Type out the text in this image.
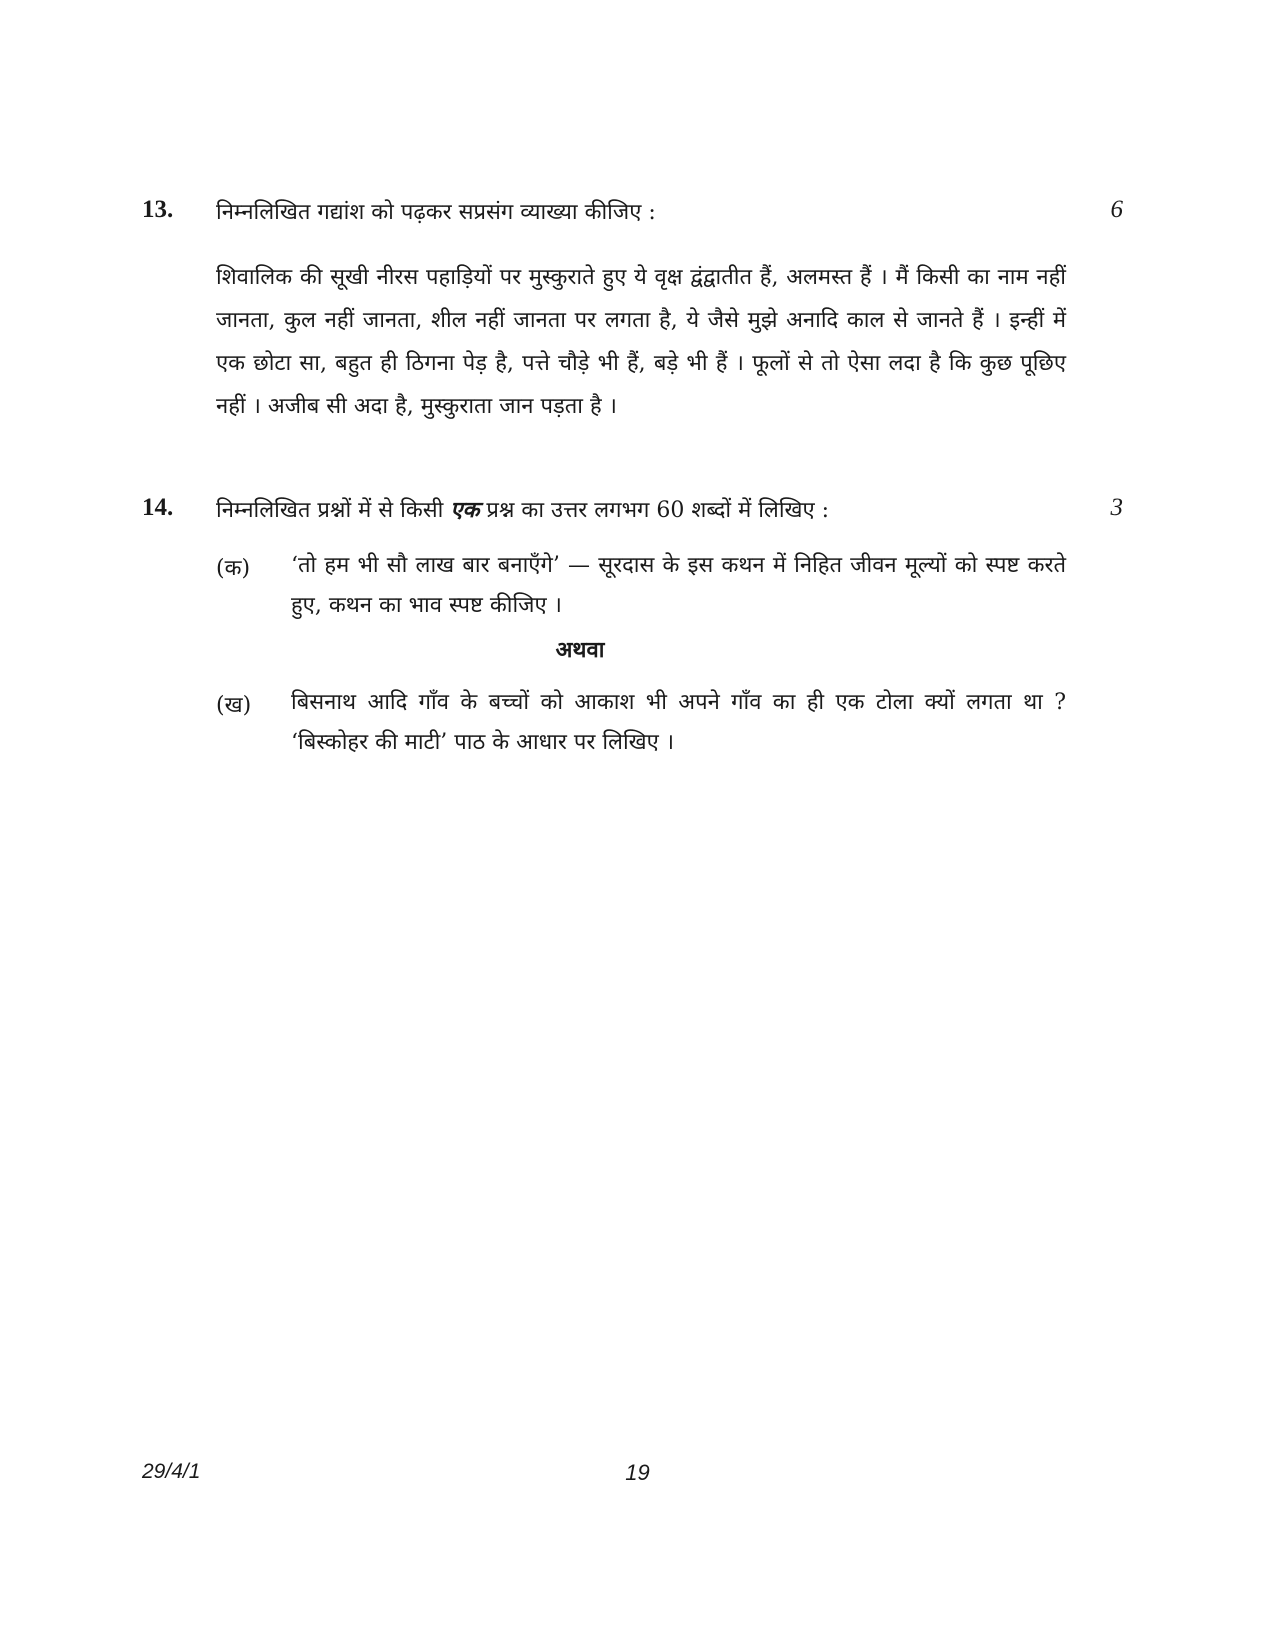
13. निम्नलिखित गद्यांश को पढ़कर सप्रसंग व्याख्या कीजिए :	6

शिवालिक की सूखी नीरस पहाड़ियों पर मुस्कुराते हुए ये वृक्ष द्वंद्वातीत हैं, अलमस्त हैं । मैं किसी का नाम नहीं जानता, कुल नहीं जानता, शील नहीं जानता पर लगता है, ये जैसे मुझे अनादि काल से जानते हैं । इन्हीं में एक छोटा सा, बहुत ही ठिगना पेड़ है, पत्ते चौड़े भी हैं, बड़े भी हैं । फूलों से तो ऐसा लदा है कि कुछ पूछिए नहीं । अजीब सी अदा है, मुस्कुराता जान पड़ता है ।

14. निम्नलिखित प्रश्नों में से किसी एक प्रश्न का उत्तर लगभग 60 शब्दों में लिखिए :	3
(क) ‘तो हम भी सौ लाख बार बनाएँगे’ — सूरदास के इस कथन में निहित जीवन मूल्यों को स्पष्ट करते हुए, कथन का भाव स्पष्ट कीजिए ।

अथवा
(ख) बिसनाथ आदि गाँव के बच्चों को आकाश भी अपने गाँव का ही एक टोला क्यों लगता था ? ‘बिस्कोहर की माटी’ पाठ के आधार पर लिखिए ।

29/4/1	19
